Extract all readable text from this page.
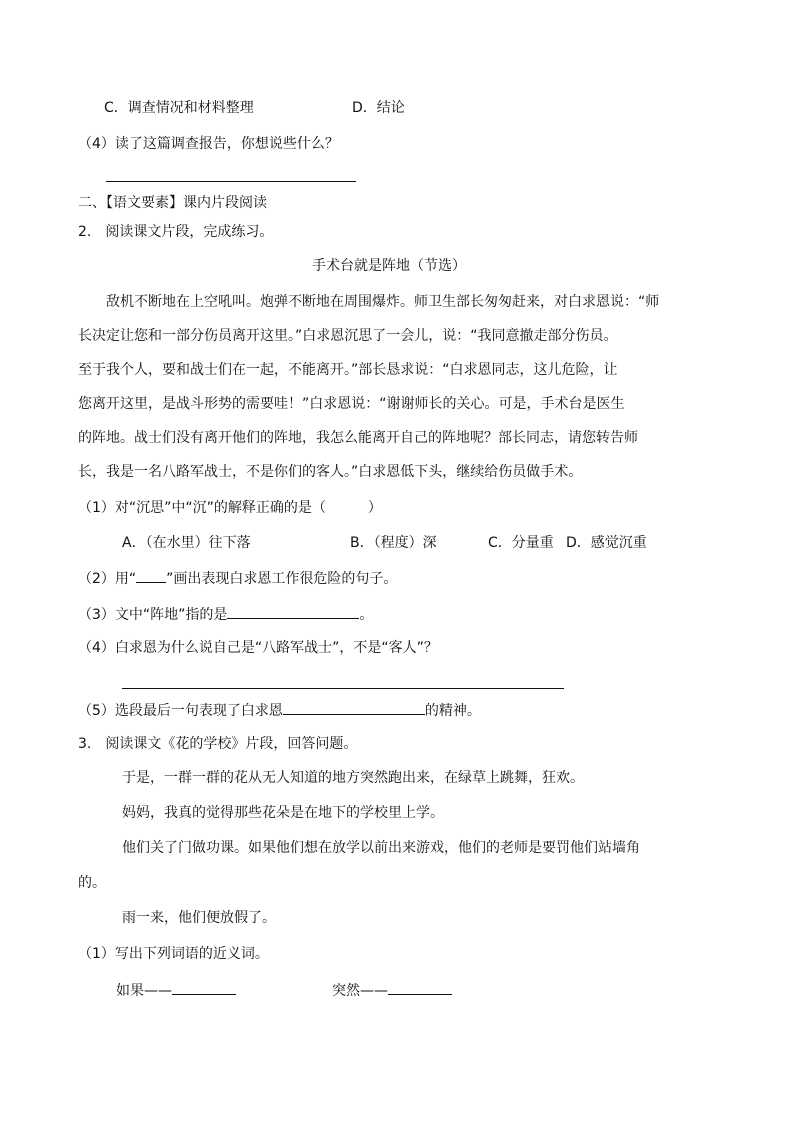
C．调查情况和材料整理	D．结论
（4）读了这篇调查报告，你想说些什么？
二、【语文要素】课内片段阅读
2.　阅读课文片段，完成练习。
手术台就是阵地（节选）
敌机不断地在上空吼叫。炮弹不断地在周围爆炸。师卫生部长匆匆赶来，对白求恩说：“师
长决定让您和一部分伤员离开这里。”白求恩沉思了一会儿，说：“我同意撤走部分伤员。
至于我个人，要和战士们在一起，不能离开。”部长恳求说：“白求恩同志，这儿危险，让
您离开这里，是战斗形势的需要哇！”白求恩说：“谢谢师长的关心。可是，手术台是医生
的阵地。战士们没有离开他们的阵地，我怎么能离开自己的阵地呢？部长同志，请您转告师
长，我是一名八路军战士，不是你们的客人。”白求恩低下头，继续给伤员做手术。
（1）对“沉思”中“沉”的解释正确的是（　　　）
A．（在水里）往下落	B．（程度）深	C．分量重 D．感觉沉重
（2）用“ ”画出表现白求恩工作很危险的句子。
（3）文中“阵地”指的是	。
（4）白求恩为什么说自己是“八路军战士”，不是“客人”？
（5）选段最后一句表现了白求恩	的精神。
3.　阅读课文《花的学校》片段，回答问题。
于是，一群一群的花从无人知道的地方突然跑出来，在绿草上跳舞，狂欢。
妈妈，我真的觉得那些花朵是在地下的学校里上学。
他们关了门做功课。如果他们想在放学以前出来游戏，他们的老师是要罚他们站墙角
的。
雨一来，他们便放假了。
（1）写出下列词语的近义词。
如果——	突然——
